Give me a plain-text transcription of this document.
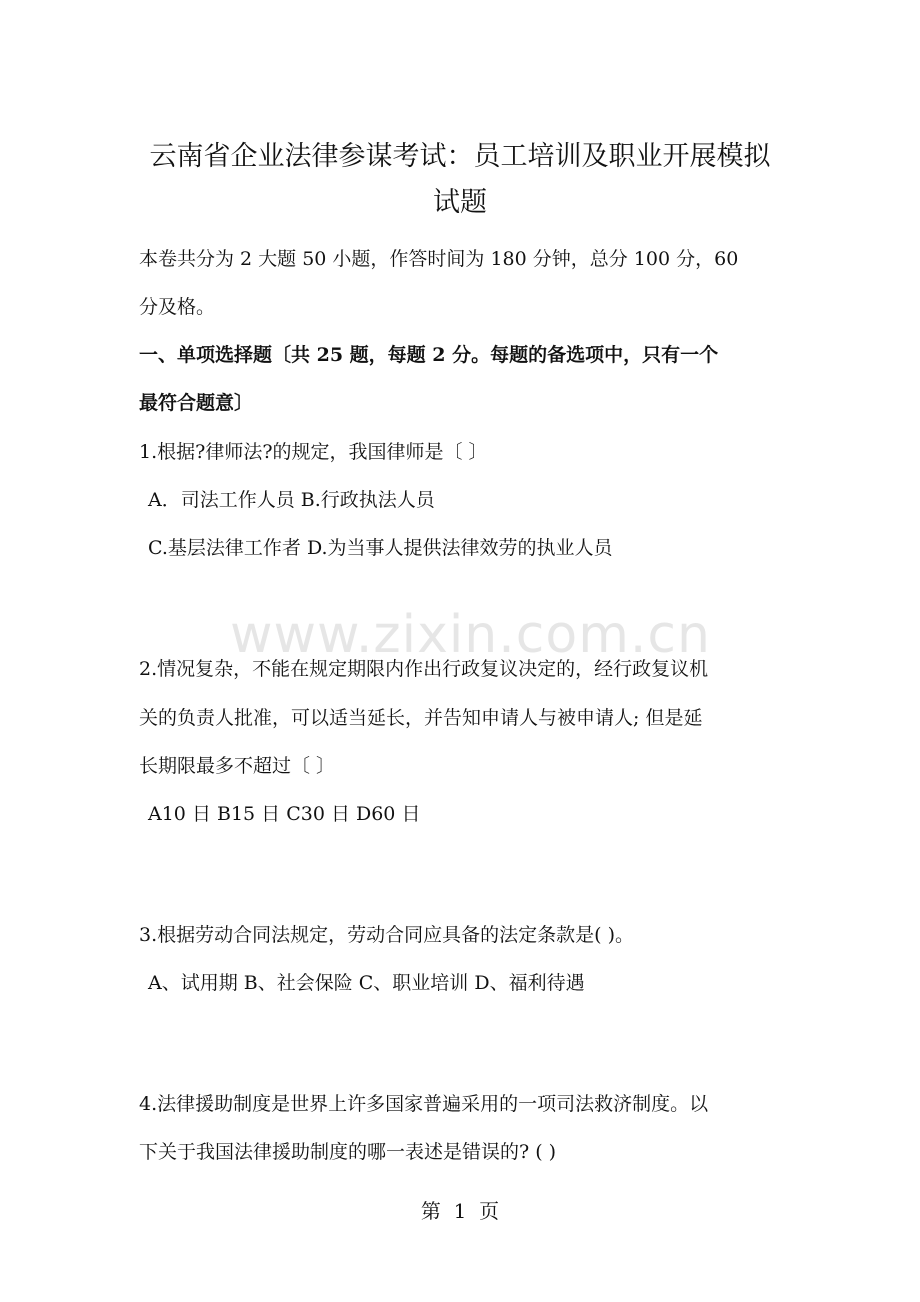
云南省企业法律参谋考试：员工培训及职业开展模拟
试题
本卷共分为 2 大题 50 小题，作答时间为 180 分钟，总分 100 分，60
分及格。
一、单项选择题〔共 25 题，每题 2 分。每题的备选项中，只有一个
最符合题意〕
1.根据?律师法?的规定，我国律师是〔 〕
A．司法工作人员 B.行政执法人员
C.基层法律工作者 D.为当事人提供法律效劳的执业人员
www.zixin.com.cn
2.情况复杂，不能在规定期限内作出行政复议决定的，经行政复议机
关的负责人批准，可以适当延长，并告知申请人与被申请人; 但是延
长期限最多不超过〔 〕
A10 日 B15 日 C30 日 D60 日
3.根据劳动合同法规定，劳动合同应具备的法定条款是( )。
A、试用期 B、社会保险 C、职业培训 D、福利待遇
4.法律援助制度是世界上许多国家普遍采用的一项司法救济制度。以
下关于我国法律援助制度的哪一表述是错误的? ( )
第  1  页
